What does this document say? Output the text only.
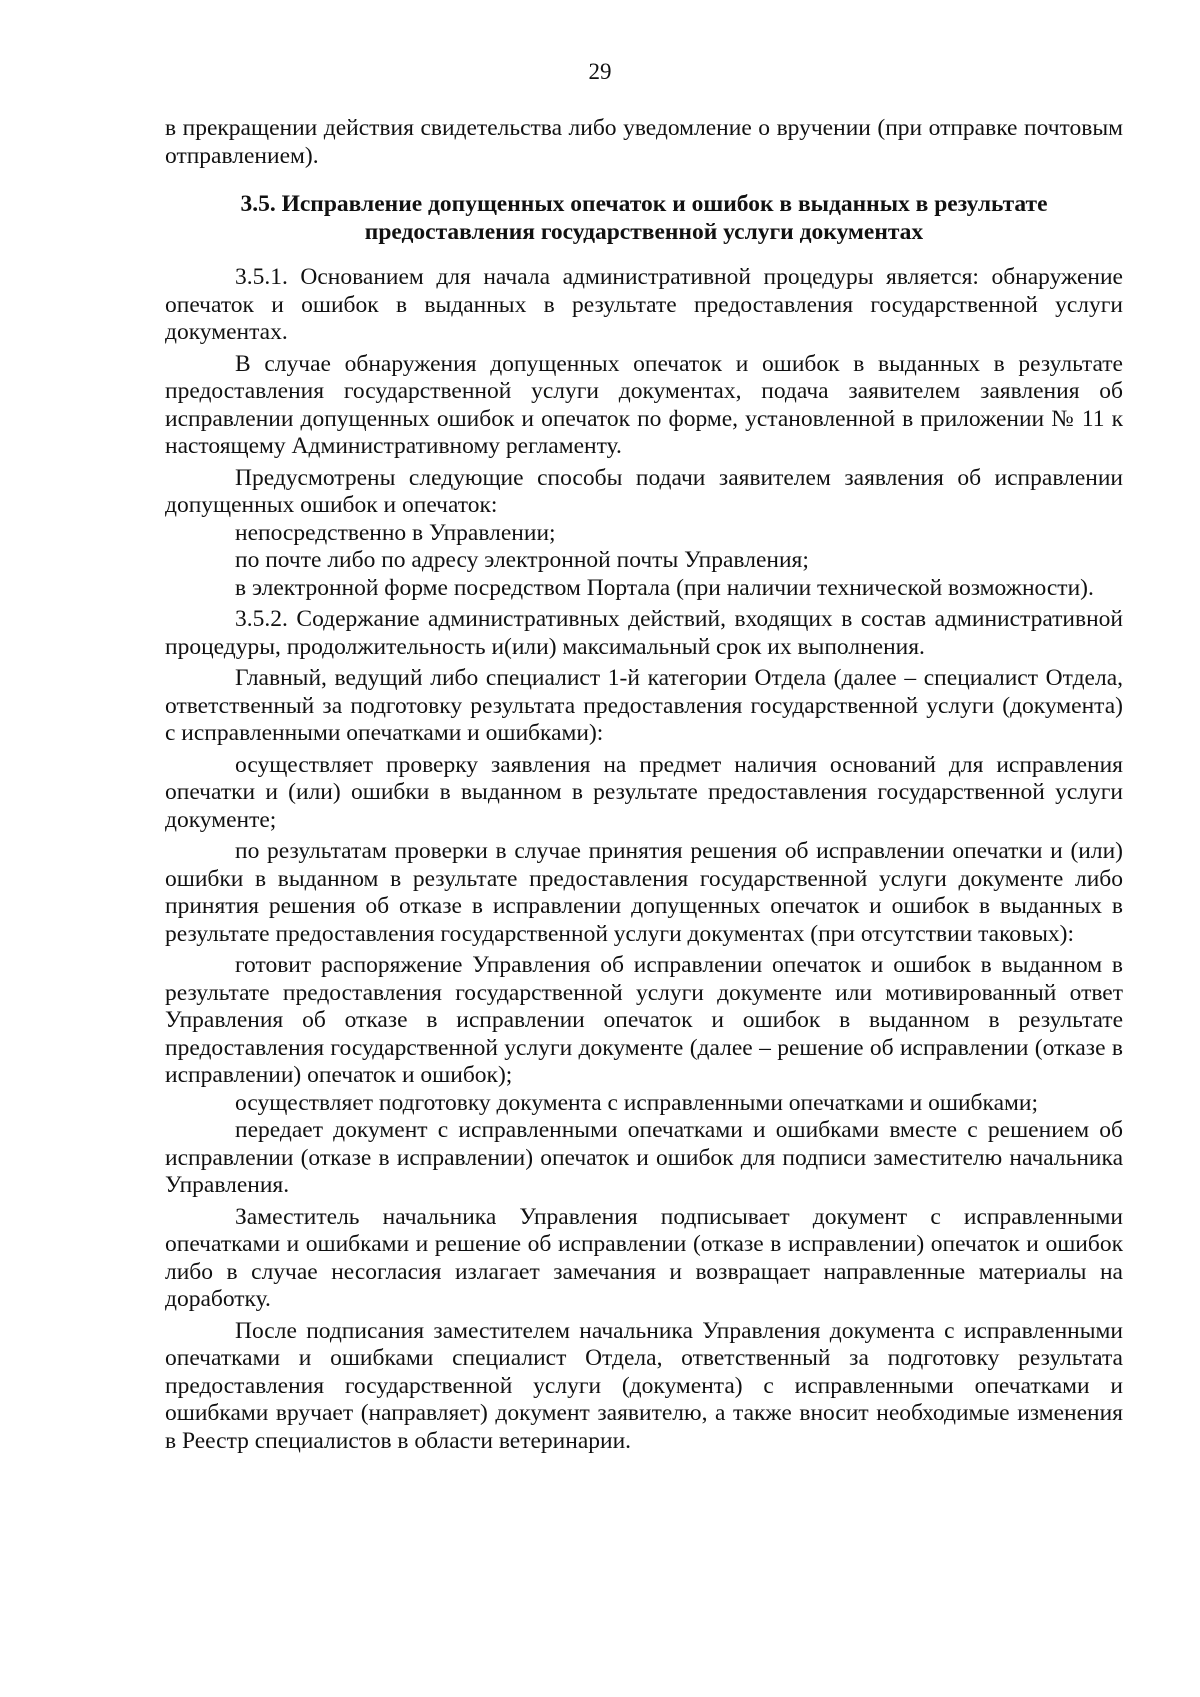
29

в прекращении действия свидетельства либо уведомление о вручении (при отправке почтовым отправлением).

3.5. Исправление допущенных опечаток и ошибок в выданных в результате предоставления государственной услуги документах

3.5.1. Основанием для начала административной процедуры является: обнаружение опечаток и ошибок в выданных в результате предоставления государственной услуги документах.

В случае обнаружения допущенных опечаток и ошибок в выданных в результате предоставления государственной услуги документах, подача заявителем заявления об исправлении допущенных ошибок и опечаток по форме, установленной в приложении № 11 к настоящему Административному регламенту.

Предусмотрены следующие способы подачи заявителем заявления об исправлении допущенных ошибок и опечаток:

непосредственно в Управлении;

по почте либо по адресу электронной почты Управления;

в электронной форме посредством Портала (при наличии технической возможности).

3.5.2. Содержание административных действий, входящих в состав административной процедуры, продолжительность и(или) максимальный срок их выполнения.

Главный, ведущий либо специалист 1-й категории Отдела (далее – специалист Отдела, ответственный за подготовку результата предоставления государственной услуги (документа) с исправленными опечатками и ошибками):

осуществляет проверку заявления на предмет наличия оснований для исправления опечатки и (или) ошибки в выданном в результате предоставления государственной услуги документе;

по результатам проверки в случае принятия решения об исправлении опечатки и (или) ошибки в выданном в результате предоставления государственной услуги документе либо принятия решения об отказе в исправлении допущенных опечаток и ошибок в выданных в результате предоставления государственной услуги документах (при отсутствии таковых):

готовит распоряжение Управления об исправлении опечаток и ошибок в выданном в результате предоставления государственной услуги документе или мотивированный ответ Управления об отказе в исправлении опечаток и ошибок в выданном в результате предоставления государственной услуги документе (далее – решение об исправлении (отказе в исправлении) опечаток и ошибок);

осуществляет подготовку документа с исправленными опечатками и ошибками;

передает документ с исправленными опечатками и ошибками вместе с решением об исправлении (отказе в исправлении) опечаток и ошибок для подписи заместителю начальника Управления.

Заместитель начальника Управления подписывает документ с исправленными опечатками и ошибками и решение об исправлении (отказе в исправлении) опечаток и ошибок либо в случае несогласия излагает замечания и возвращает направленные материалы на доработку.

После подписания заместителем начальника Управления документа с исправленными опечатками и ошибками специалист Отдела, ответственный за подготовку результата предоставления государственной услуги (документа) с исправленными опечатками и ошибками вручает (направляет) документ заявителю, а также вносит необходимые изменения в Реестр специалистов в области ветеринарии.
